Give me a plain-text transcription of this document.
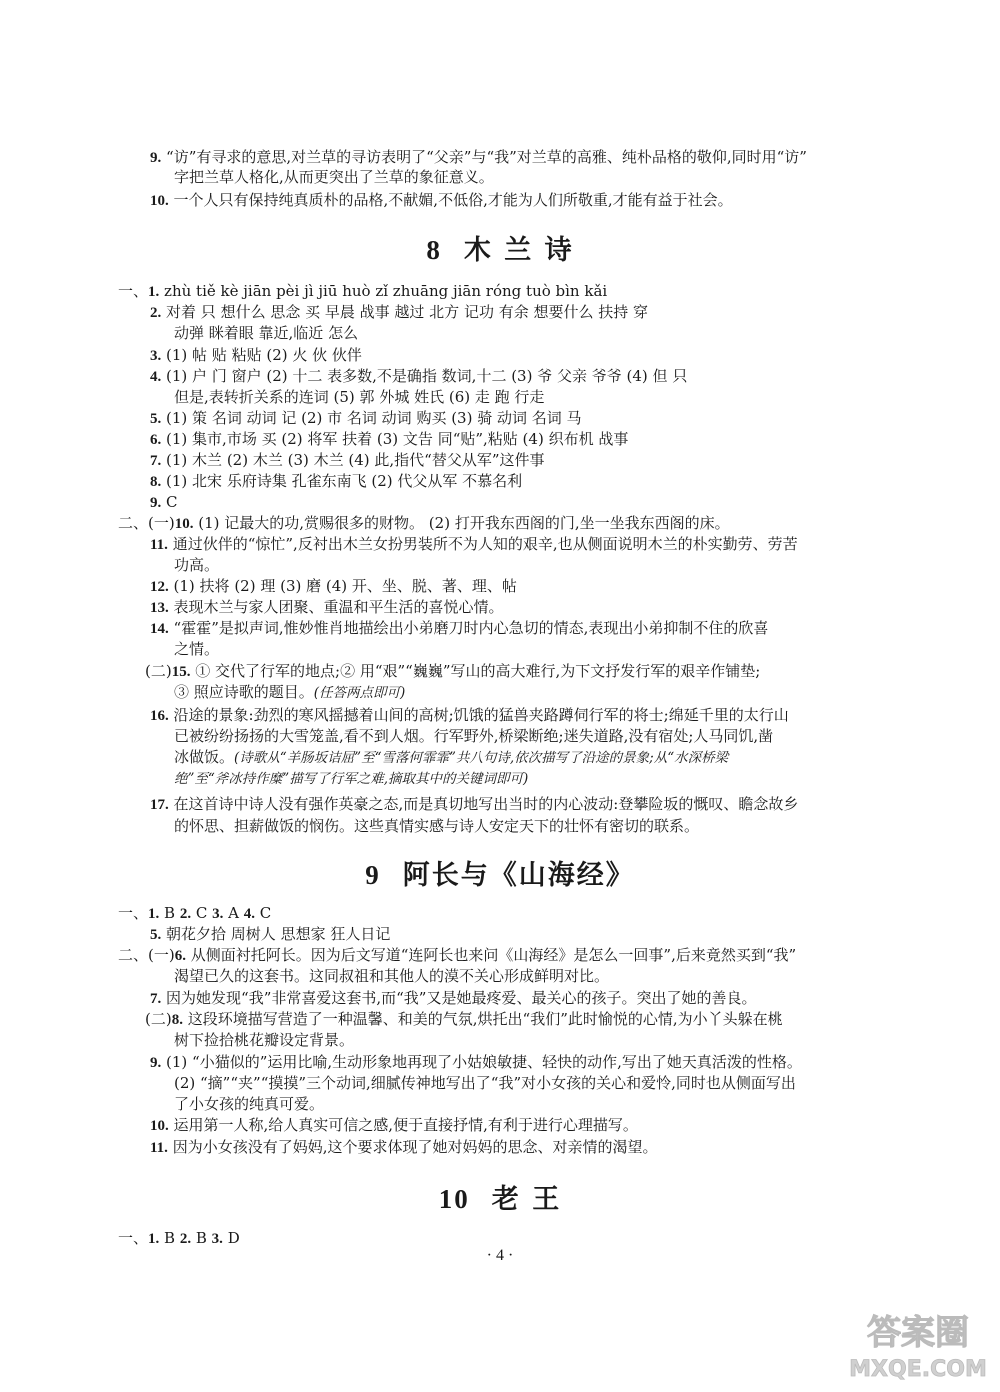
9. “访”有寻求的意思,对兰草的寻访表明了“父亲”与“我”对兰草的高雅、纯朴品格的敬仰,同时用“访”
字把兰草人格化,从而更突出了兰草的象征意义。
10. 一个人只有保持纯真质朴的品格,不献媚,不低俗,才能为人们所敬重,才能有益于社会。
8 木 兰 诗
一、1. zhù tiě kè jiān pèi jì jiū huò zǐ zhuāng jiān róng tuò bìn kǎi
2. 对着 只 想什么 思念 买 早晨 战事 越过 北方 记功 有余 想要什么 扶持 穿
动弹 眯着眼 靠近,临近 怎么
3. (1) 帖 贴 粘贴 (2) 火 伙 伙伴
4. (1) 户 门 窗户 (2) 十二 表多数,不是确指 数词,十二 (3) 爷 父亲 爷爷 (4) 但 只
但是,表转折关系的连词 (5) 郭 外城 姓氏 (6) 走 跑 行走
5. (1) 策 名词 动词 记 (2) 市 名词 动词 购买 (3) 骑 动词 名词 马
6. (1) 集市,市场 买 (2) 将军 扶着 (3) 文告 同“贴”,粘贴 (4) 织布机 战事
7. (1) 木兰 (2) 木兰 (3) 木兰 (4) 此,指代“替父从军”这件事
8. (1) 北宋 乐府诗集 孔雀东南飞 (2) 代父从军 不慕名利
9. C
二、(一)10. (1) 记最大的功,赏赐很多的财物。 (2) 打开我东西阁的门,坐一坐我东西阁的床。
11. 通过伙伴的“惊忙”,反衬出木兰女扮男装所不为人知的艰辛,也从侧面说明木兰的朴实勤劳、劳苦
功高。
12. (1) 扶将 (2) 理 (3) 磨 (4) 开、坐、脱、著、理、帖
13. 表现木兰与家人团聚、重温和平生活的喜悦心情。
14. “霍霍”是拟声词,惟妙惟肖地描绘出小弟磨刀时内心急切的情态,表现出小弟抑制不住的欣喜
之情。
(二)15. ① 交代了行军的地点;② 用“艰”“巍巍”写山的高大难行,为下文抒发行军的艰辛作铺垫;
③ 照应诗歌的题目。(任答两点即可)
16. 沿途的景象:劲烈的寒风摇撼着山间的高树;饥饿的猛兽夹路蹲伺行军的将士;绵延千里的太行山
已被纷纷扬扬的大雪笼盖,看不到人烟。行军野外,桥梁断绝;迷失道路,没有宿处;人马同饥,凿
冰做饭。(诗歌从“羊肠坂诘屈”至“雪落何霏霏”共八句诗,依次描写了沿途的景象;从“水深桥梁
绝”至“斧冰持作糜”描写了行军之难,摘取其中的关键词即可)
17. 在这首诗中诗人没有强作英豪之态,而是真切地写出当时的内心波动:登攀险坂的慨叹、瞻念故乡
的怀思、担薪做饭的悯伤。这些真情实感与诗人安定天下的壮怀有密切的联系。
9 阿长与《山海经》
一、1. B 2. C 3. A 4. C
5. 朝花夕拾 周树人 思想家 狂人日记
二、(一)6. 从侧面衬托阿长。因为后文写道“连阿长也来问《山海经》是怎么一回事”,后来竟然买到“我”
渴望已久的这套书。这同叔祖和其他人的漠不关心形成鲜明对比。
7. 因为她发现“我”非常喜爱这套书,而“我”又是她最疼爱、最关心的孩子。突出了她的善良。
(二)8. 这段环境描写营造了一种温馨、和美的气氛,烘托出“我们”此时愉悦的心情,为小丫头躲在桃
树下捡拾桃花瓣设定背景。
9. (1) “小猫似的”运用比喻,生动形象地再现了小姑娘敏捷、轻快的动作,写出了她天真活泼的性格。
(2) “摘”“夹”“摸摸”三个动词,细腻传神地写出了“我”对小女孩的关心和爱怜,同时也从侧面写出
了小女孩的纯真可爱。
10. 运用第一人称,给人真实可信之感,便于直接抒情,有利于进行心理描写。
11. 因为小女孩没有了妈妈,这个要求体现了她对妈妈的思念、对亲情的渴望。
10 老 王
一、1. B 2. B 3. D
· 4 ·
答案圈
MXQE.COM
